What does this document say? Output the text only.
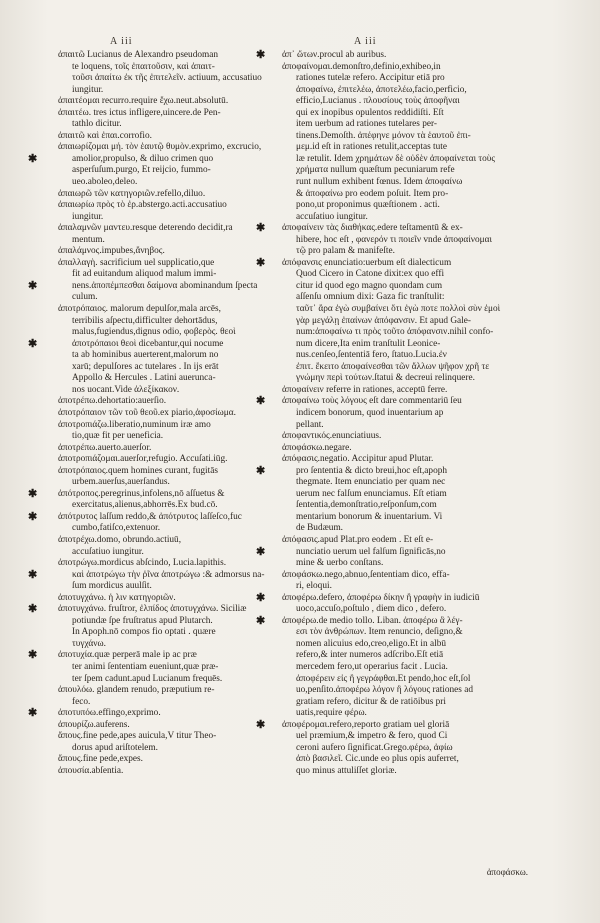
A iii	A iii
ἀπαιτῶ Lucianus de Alexandro pseudoman
te loquens, τοῖς ἐπαιτοῦσιν, καὶ ἀπαιτ-
τοῦσι ἀπαίτω ἐκ τῆς ἐπιτελεῖν. actiuum, accusatiuo
iungitur.
ἀπαιτέομαι recurro.require ἔχω.neut.absolutū.
ἀπαιτέω. tres ictus infligere,uincere.de Pen-
tathlo dicitur.
ἀπαιτῶ καὶ ἐπαι.corrofio.
ἀπαιωρίζομαι μή. τὸν ἑαυτῷ θυμὸν.exprimo, excrucio,
✱	amolior,propulso, & diluo crimen quo
asperſuſum.purgo, Et reijcio, fummo-
ueo.aboleo,deleo.
ἀπαιωρῶ τῶν κατηγοριῶν.refello,diluo.
ἀπαιωρίω πρὸς τὸ ἐρ.abstergo.acti.accusatiuo
iungitur.
ἀπαλαμνῶν μαντευ.resque deterendo decidit,ra
mentum.
ἀπαλάμνος.impubes,ἄνηβος.
ἀπαλλαγὴ. sacrificium uel supplicatio,que
fit ad euitandum aliquod malum immi-
✱	nens.ἀποπέμπεσθαι δαίμονα abominandum ſpecta
culum.
ἀποτρόπαιος. malorum depulſor,mala arcēs,
terribilis aſpectu,difficulter dehortādus,
malus,fugiendus,dignus odio, φοβερὸς. θεοὶ
✱	ἀποτρόπαιοι θεοὶ dicebantur,qui nocume
ta ab hominibus auerterent,malorum no
xarū; depulſores ac tutelares . In ijs erāt
Appollo & Hercules . Latini auerunca-
nos uocant.Vide ἀλεξίκακον.
ἀποτρέπω.dehortatio:auerſio.
ἀποτρόπαιον τῶν τοῦ θεοῦ.ex piario,ἀφοσίωμα.
ἀποτροπιάζω.liberatio,numinum iræ amo
tio,quæ fit per ueneficia.
ἀποτρέπω.auerto.auerſor.
ἀποτροπιάζομαι.auerſor,refugio. Accuſati.iūg.
ἀποτρόπαιος.quem homines curant, fugitās
urbem.auerſus,auerſandus.
✱ ἀπότροπος.peregrinus,infolens,nō aſſuetus &
exercitatus,alienus,abhorrēs.Ex bud.cō.
✱ ἀπότρυτος laſſum reddo,& ἀπότρυτος laſſeſco,fuc
cumbo,fatiſco,extenuor.
ἀποτρέχω.domo, obrundo.actiuū,
accuſatiuo iungitur.
ἀποτρώγω.mordicus abſcindo, Lucia.lapithis.
✱	καὶ ἀποτρώγω τὴν ῥῖνα ἀποτρώγω :& admorsus na-
ſum mordicus auulſit.
ἀποτυγχάνω. ἡ λιν κατηγοριῶν.
✱ ἀποτυγχάνω. fruſtror, ἐλπίδος ἀποτυγχάνω. Siciliæ
potiundæ ſpe fruſtratus apud Plutarch.
In Apoph.nō compos fio optati . quære
τυγχάνω.
✱ ἀποτυχία.quæ perperā male ip ac præ
ter animi ſententiam eueniunt,quæ præ-
ter ſpem cadunt.apud Lucianum frequēs.
ἀπουλόω. glandem renudo, præputium re-
feco.
✱ ἀποτυπόω.effingo,exprimo.
ἀπουρίζω.auferens.
ἄπους.fine pede,apes auicula,V titur Theo-
dorus apud ariſtotelem.
ἄπους.fine pede,expes.
ἀπουσία.abſentia.
✱ ἀπ᾽ ὤτων.procul ab auribus.
ἀποφαίνομαι.demonſtro,definio,exhibeo,in
rationes tutelæ refero. Accipitur etiā pro
ἀποφαίνω, ἐπιτελέω, ἀποτελέω,facio,perficio,
efficio,Lucianus . πλουσίους τοὺς ἀποφῆναι
qui ex inopibus opulentos reddidiſti. Eſt
item uerbum ad rationes tutelares per-
tinens.Demoſth. ἀπέφηνε μόνον τὰ ἑαυτοῦ ἐπι-
μεμ.id eſt in rationes retulit,acceptas tute
læ retulit. Idem χρημάτων δὲ οὐδὲν ἀποφαίνεται τοὺς
χρήματα nullum quæſtum pecuniarum refe
runt nullum exhibent fœnus. Idem ἀποφαίνω
& ἀποφαίνω pro eodem poſuit. Item pro-
pono,ut proponimus quæſtionem . acti.
accuſatiuo iungitur.
✱ ἀποφαίνειν τὰς διαθήκας.edere teſtamentū & ex-
hibere, hoc eſt , φανερόν τι ποιεῖν vnde ἀποφαίνομαι
τῷ pro palam & manifeſte.
✱ ἀπόφανσις enunciatio:uerbum eſt dialecticum
Quod Cicero in Catone dixit:ex quo effi
citur id quod ego magno quondam cum
aſſenſu omnium dixi: Gaza fic tranſtulit:
ταῦτ᾽ ἄρα ἐγὼ συμβαίνει ὅτι ἐγὼ ποτε πολλοὶ σὺν ἐμοὶ
γὰρ μεγάλῃ ἐπαίνων ἀπόφανσιν. Et apud Gale-
num:ἀποφαίνω τι πρὸς τοῦτο ἀπόφανσιν.nihil confo-
num dicere,Ita enim tranſtulit Leonice-
nus.cenſeo,ſententiā fero, ſtatuo.Lucia.ἐν
ἐπιτ. ἔκειτο ἀποφαίνεσθαι τῶν ἄλλων ψῆφον χρῆ τε
γνώμην περὶ τούτων.ſtatui & decreui relinquere.
ἀποφαίνειν referre in rationes, acceptū ferre.
✱ ἀποφαίνω τοὺς λόγους eſt dare commentariū ſeu
indicem bonorum, quod inuentarium ap
pellant.
ἀποφαντικός.enunciatiuus.
ἀποφάσκω.negare.
ἀπόφασις.negatio. Accipitur apud Plutar.
✱	pro ſententia & dicto breui,hoc eſt,apoph
thegmate. Item enunciatio per quam nec
uerum nec falſum enunciamus. Eſt etiam
ſententia,demonſtratio,reſponſum,com
mentarium bonorum & inuentarium. Vi
de Budæum.
ἀπόφασις.apud Plat.pro eodem . Et eſt e-
✱	nunciatio uerum uel falſum ſignificās,no
mine & uerbo conſtans.
ἀποφάσκω.nego,abnuo,ſententiam dico, effa-
ri, eloqui.
✱ ἀποφέρω.defero, ἀποφέρω δίκην ἢ γραφὴν in iudiciū
uoco,accuſo,poſtulo , diem dico , defero.
✱ ἀποφέρω.de medio tollo. Liban. ἀποφέρω ἃ λέγ-
εσι τὸν ἀνθρώπων. Item renuncio, deſigno,&
nomen alicuius edo,creo,eligo.Et in albū
refero,& inter numeros adſcribo.Eſt etiā
mercedem fero,ut operarius facit . Lucia.
ἀποφέρειν εἰς ἢ γεγράφθαι.Et pendo,hoc eſt,ſol
uo,penſito.ἀποφέρω λόγον ἢ λόγους rationes ad
gratiam refero, dicitur & de ratiōibus pri
uatis,require φέρω.
✱ ἀποφέρομαι.refero,reporto gratiam uel gloriā
uel præmium,& impetro & fero, quod Ci
ceroni aufero ſignificat.Grego.φέρω, ἀφίω
ἀπὸ βασιλεῖ. Cic.unde eo plus opis auferret,
quo minus attuliſſet gloriæ.
ἀποφάσκω.
